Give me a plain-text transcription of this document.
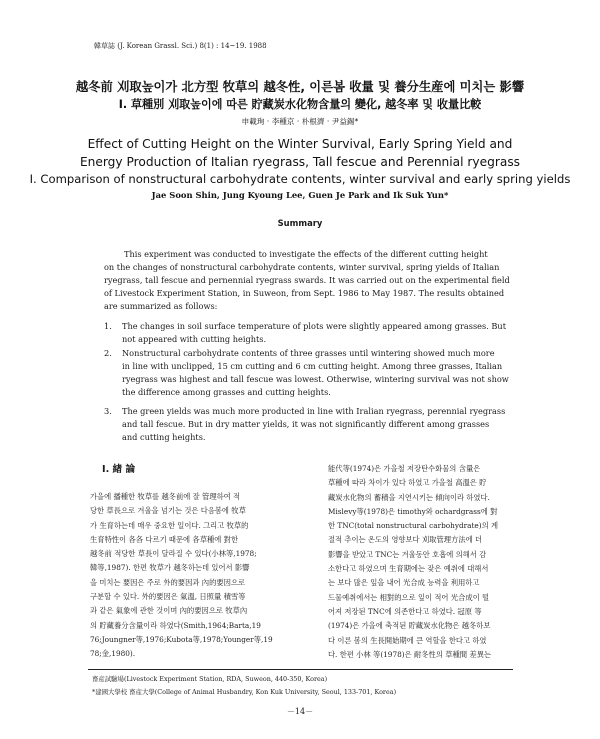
韓草誌 (J. Korean Grassl. Sci.) 8(1) : 14~19. 1988
越冬前 刈取높이가 北方型 牧草의 越冬性, 이른봄 收量 및 養分生産에 미치는 影響
Ⅰ. 草種別 刈取높이에 따른 貯藏炭水化物含量의 變化, 越冬率 및 收量比較
申載珣 · 李種京 · 朴根濟 · 尹益錫*
Effect of Cutting Height on the Winter Survival, Early Spring Yield and
Energy Production of Italian ryegrass, Tall fescue and Perennial ryegrass
Ⅰ. Comparison of nonstructural carbohydrate contents, winter survival and early spring yields
Jae Soon Shin, Jung Kyoung Lee, Guen Je Park and Ik Suk Yun*
Summary
This experiment was conducted to investigate the effects of the different cutting height
on the changes of nonstructural carbohydrate contents, winter survival, spring yields of Italian
ryegrass, tall fescue and pernennial ryegrass swards. It was carried out on the experimental field
of Livestock Experiment Station, in Suweon, from Sept. 1986 to May 1987. The results obtained
are summarized as follows:
1. The changes in soil surface temperature of plots were slightly appeared among grasses. But
not appeared with cutting heights.
2. Nonstructural carbohydrate contents of three grasses until wintering showed much more
in line with unclipped, 15 cm cutting and 6 cm cutting height. Among three grasses, Italian
ryegrass was highest and tall fescue was lowest. Otherwise, wintering survival was not show
the difference among grasses and cutting heights.
3. The green yields was much more producted in line with Iralian ryegrass, perennial ryegrass
and tall fescue. But in dry matter yields, it was not significantly different among grasses
and cutting heights.
Ⅰ. 緖 論
가을에 播種한 牧草를 越冬前에 잘 管理하여 적
당한 草長으로 겨울을 넘기는 것은 다음봄에 牧草
가 生育하는데 매우 중요한 일이다. 그리고 牧草的
生育特性이 各各 다르기 때문에 各草種에 對한
越冬前 적당한 草長이 달라질 수 있다(小林等,1978;
韓等,1987). 한편 牧草가 越冬하는데 있어서 影響
을 미치는 要因은 주로 外的要因과 內的要因으로
구분할 수 있다. 外的要因은 氣溫, 日照量 積雪等
과 같은 氣象에 관한 것이며 內的要因으로 牧草內
의 貯藏養分含量이라 하였다(Smith,1964;Barta,19
76;Joungner等,1976;Kubota等,1978;Younger等,19
78;金,1980).
能代等(1974)은 가을철 저장탄수화물의 含量은
草種에 따라 차이가 있다 하였고 가을철 高溫은 貯
藏炭水化物의 蓄積을 지연시키는 傾向이라 하였다.
Mislevy等(1978)은 timothy와 ochardgrass에 對
한 TNC(total nonstructural carbohydrate)의 계
절적 추이는 온도의 영향보다 刈取管理方法에 더
影響을 받았고 TNC는 겨울동안 호흡에 의해서 감
소한다고 하였으며 生育期에는 잦은 예취에 대해서
는 보다 많은 잎을 내어 光合成 능력을 利用하고
드물예취에서는 相對的으로 잎이 적어 光合成이 떨
어져 저장된 TNC에 의존한다고 하였다. 冠原 等
(1974)은 가을에 축적된 貯藏炭水化物은 越冬하보
다 이른 봄의 生長開始期에 큰 역할을 한다고 하였
다. 한편 小林 等(1978)은 耐冬性의 草種間 差異는
畜産試驗場(Livestock Experiment Station, RDA, Suweon, 440-350, Korea)
*建國大學校 畜産大學(College of Animal Husbandry, Kon Kuk University, Seoul, 133-701, Korea)
－14－
